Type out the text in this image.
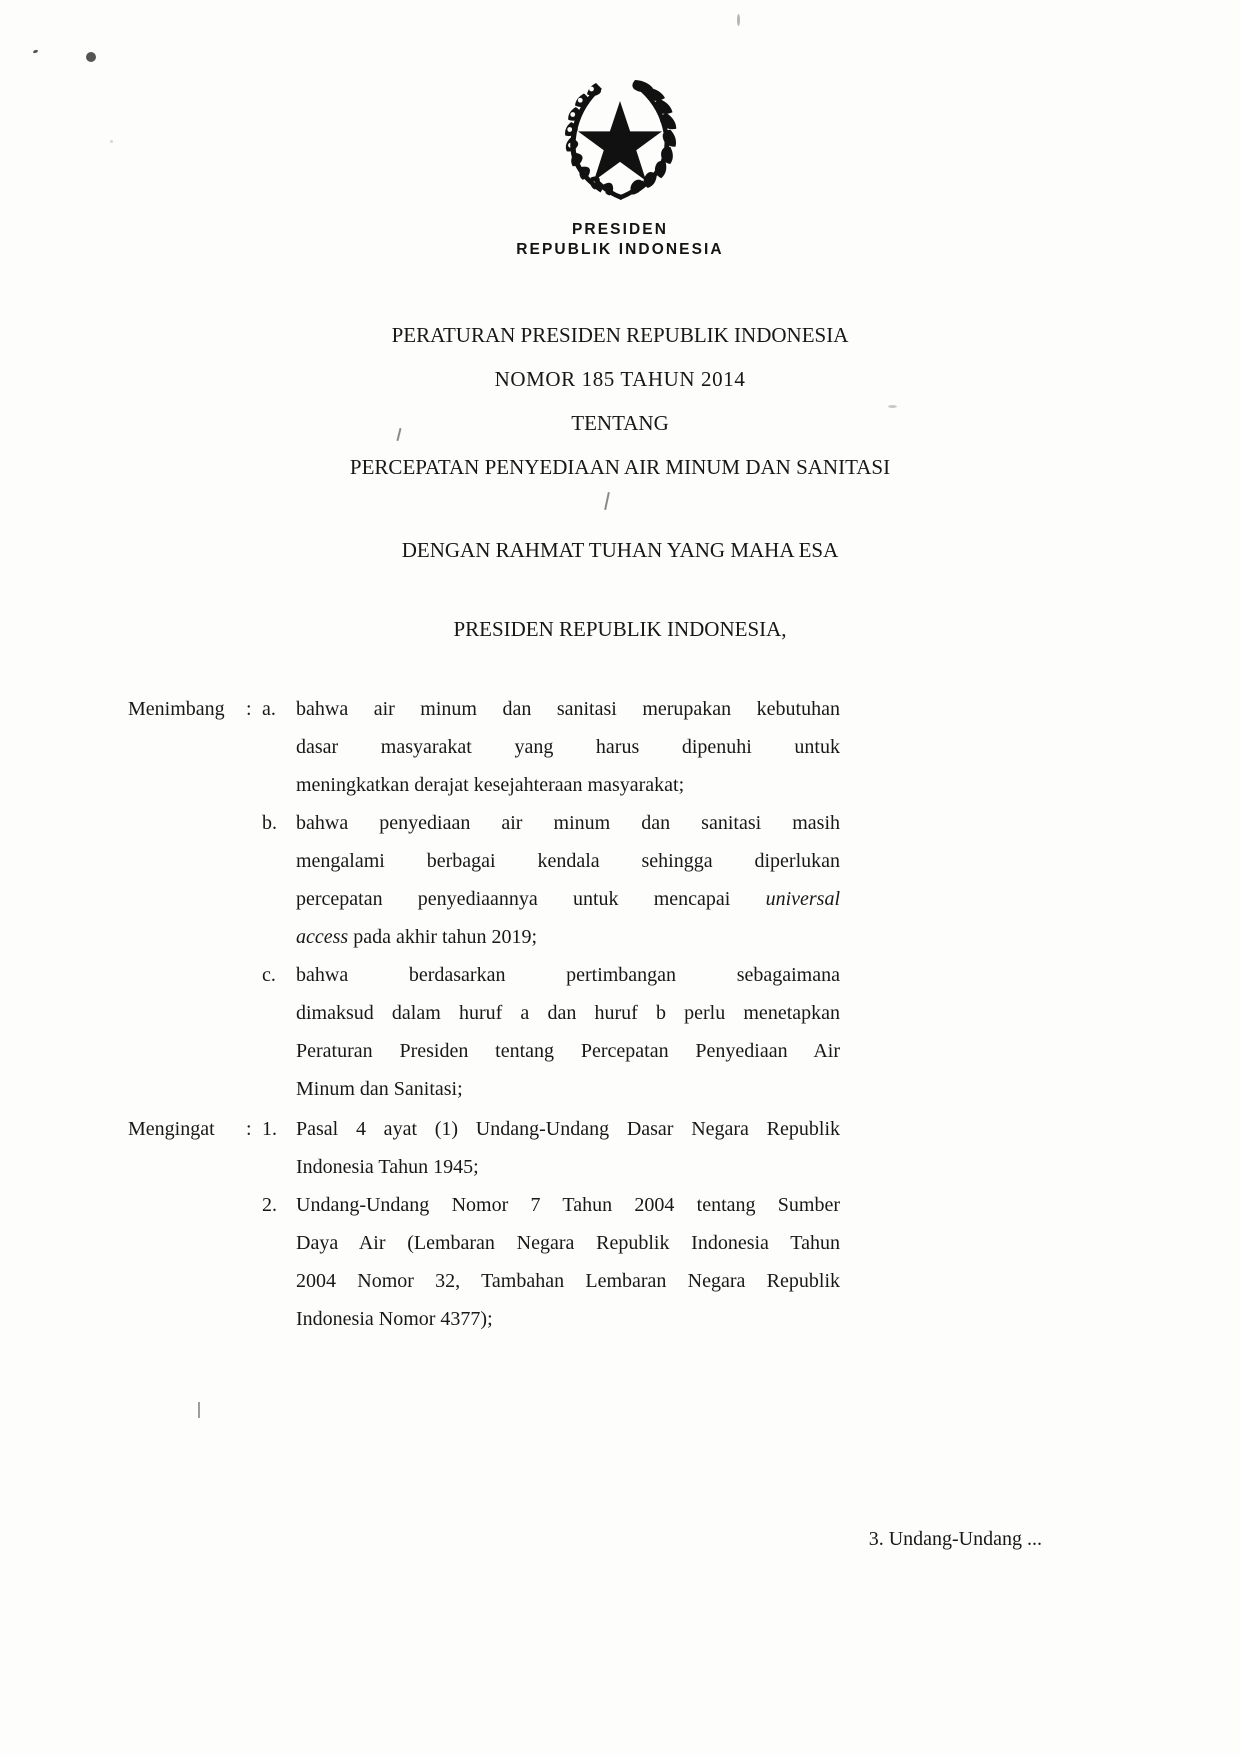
PRESIDEN
REPUBLIK INDONESIA
PERATURAN PRESIDEN REPUBLIK INDONESIA
NOMOR 185 TAHUN 2014
TENTANG
PERCEPATAN PENYEDIAAN AIR MINUM DAN SANITASI
DENGAN RAHMAT TUHAN YANG MAHA ESA
PRESIDEN REPUBLIK INDONESIA,
Menimbang	: a.	bahwa air minum dan sanitasi merupakan kebutuhan
dasar masyarakat yang harus dipenuhi untuk
meningkatkan derajat kesejahteraan masyarakat;
b. bahwa penyediaan air minum dan sanitasi masih
mengalami berbagai kendala sehingga diperlukan
percepatan penyediaannya untuk mencapai universal
access pada akhir tahun 2019;
c.	bahwa berdasarkan pertimbangan sebagaimana
dimaksud dalam huruf a dan huruf b perlu menetapkan
Peraturan Presiden tentang Percepatan Penyediaan Air
Minum dan Sanitasi;
Mengingat	: 1. Pasal 4 ayat (1) Undang-Undang Dasar Negara Republik
Indonesia Tahun 1945;
2. Undang-Undang Nomor 7 Tahun 2004 tentang Sumber
Daya Air (Lembaran Negara Republik Indonesia Tahun
2004 Nomor 32, Tambahan Lembaran Negara Republik
Indonesia Nomor 4377);
3. Undang-Undang ...
